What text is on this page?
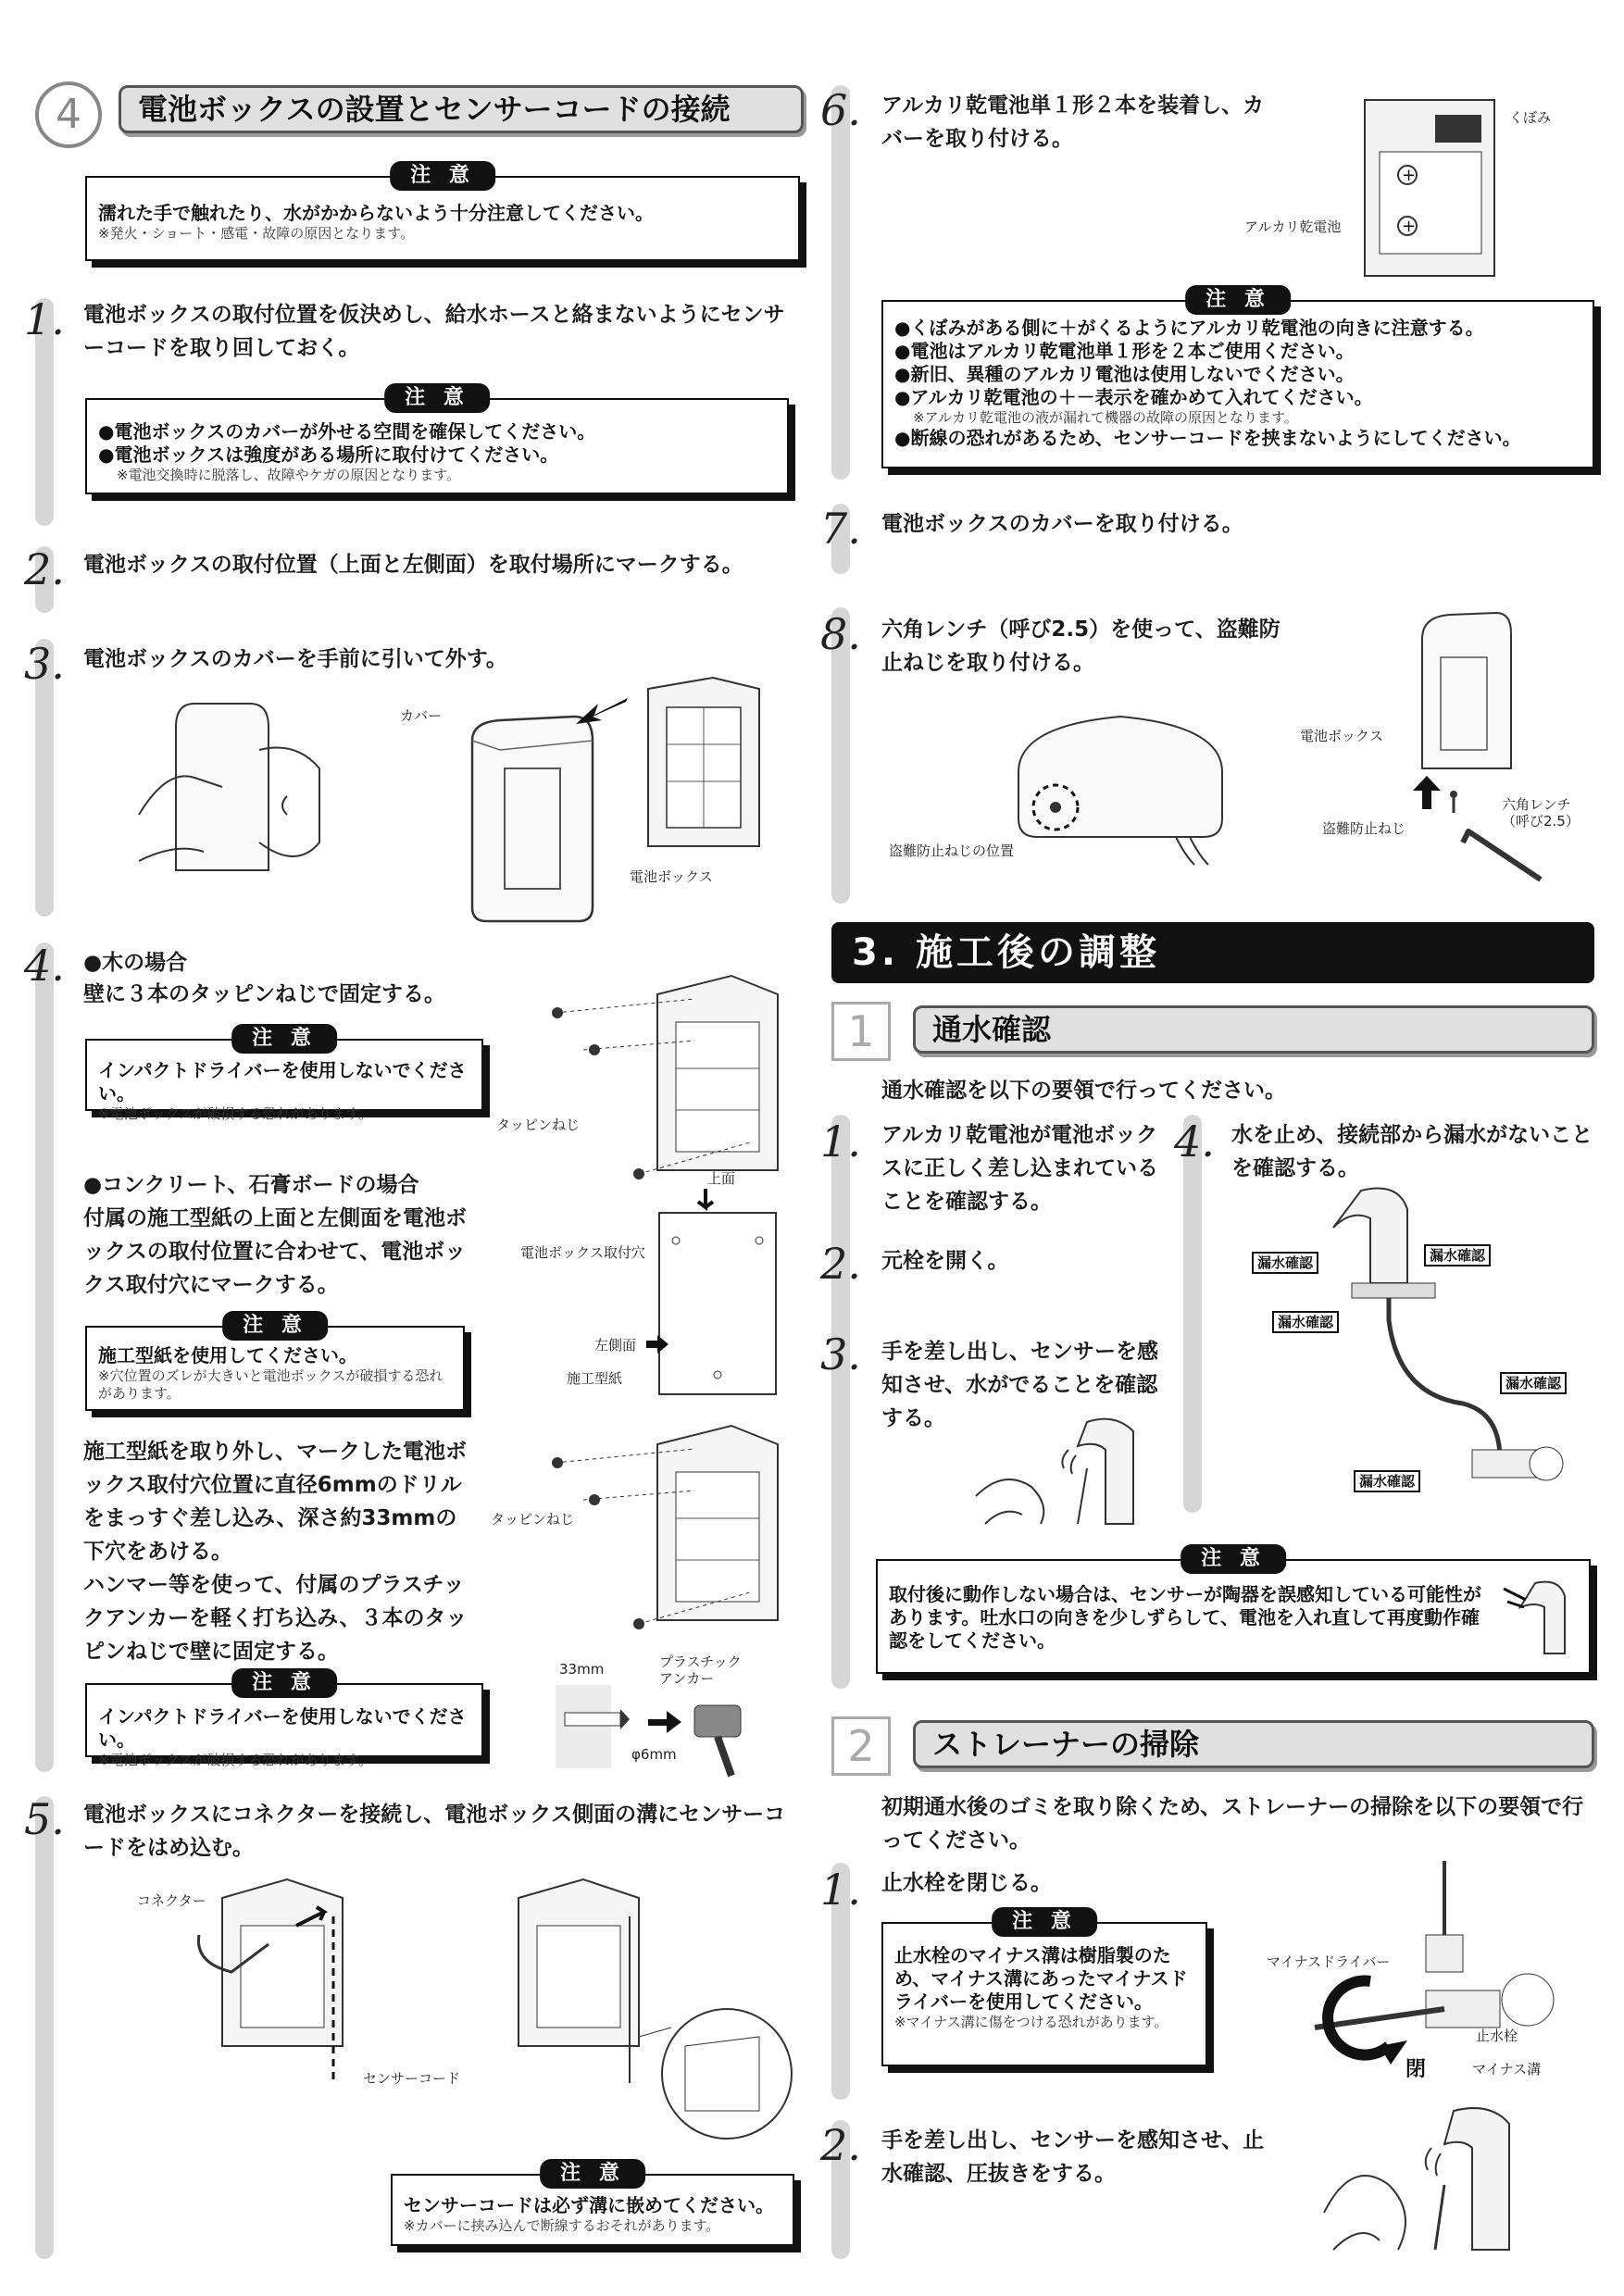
4	電池ボックスの設置とセンサーコードの接続
注 意
濡れた手で触れたり、水がかからないよう十分注意してください。
※発火・ショート・感電・故障の原因となります。
1. 電池ボックスの取付位置を仮決めし、給水ホースと絡まないようにセンサーコードを取り回しておく。
注 意
●電池ボックスのカバーが外せる空間を確保してください。
●電池ボックスは強度がある場所に取付けてください。
※電池交換時に脱落し、故障やケガの原因となります。
2. 電池ボックスの取付位置（上面と左側面）を取付場所にマークする。
3. 電池ボックスのカバーを手前に引いて外す。
カバー
電池ボックス
4. ●木の場合
壁に３本のタッピンねじで固定する。
注 意
インパクトドライバーを使用しないでください。
※電池ボックスが破損する恐れがあります。
タッピンねじ
●コンクリート、石膏ボードの場合
付属の施工型紙の上面と左側面を電池ボックスの取付位置に合わせて、電池ボックス取付穴にマークする。
上面
電池ボックス取付穴
左側面
施工型紙
注 意
施工型紙を使用してください。
※穴位置のズレが大きいと電池ボックスが破損する恐れがあります。
施工型紙を取り外し、マークした電池ボックス取付穴位置に直径6mmのドリルをまっすぐ差し込み、深さ約33mmの下穴をあける。
ハンマー等を使って、付属のプラスチックアンカーを軽く打ち込み、３本のタッピンねじで壁に固定する。
タッピンねじ
注 意
インパクトドライバーを使用しないでください。
※電池ボックスが破損する恐れがあります。
33mm	プラスチック
アンカー
φ6mm
5. 電池ボックスにコネクターを接続し、電池ボックス側面の溝にセンサーコードをはめ込む。
コネクター
センサーコード
注 意
センサーコードは必ず溝に嵌めてください。
※カバーに挟み込んで断線するおそれがあります。
6. アルカリ乾電池単１形２本を装着し、カバーを取り付ける。
+
+
くぼみ
アルカリ乾電池
注 意
●くぼみがある側に＋がくるようにアルカリ乾電池の向きに注意する。
●電池はアルカリ乾電池単１形を２本ご使用ください。
●新旧、異種のアルカリ電池は使用しないでください。
●アルカリ乾電池の＋－表示を確かめて入れてください。
※アルカリ乾電池の液が漏れて機器の故障の原因となります。
●断線の恐れがあるため、センサーコードを挟まないようにしてください。
7. 電池ボックスのカバーを取り付ける。
8. 六角レンチ（呼び2.5）を使って、盗難防止ねじを取り付ける。
盗難防止ねじの位置
電池ボックス
盗難防止ねじ
六角レンチ
（呼び2.5）
3. 施工後の調整
1	通水確認
通水確認を以下の要領で行ってください。
1. アルカリ乾電池が電池ボックスに正しく差し込まれていることを確認する。
2. 元栓を開く。
3. 手を差し出し、センサーを感知させ、水がでることを確認する。
4. 水を止め、接続部から漏水がないことを確認する。
漏水確認	漏水確認
漏水確認
漏水確認
漏水確認
注 意
取付後に動作しない場合は、センサーが陶器を誤感知している可能性があります。吐水口の向きを少しずらして、電池を入れ直して再度動作確認をしてください。
2	ストレーナーの掃除
初期通水後のゴミを取り除くため、ストレーナーの掃除を以下の要領で行ってください。
1. 止水栓を閉じる。
注 意
止水栓のマイナス溝は樹脂製のため、マイナス溝にあったマイナスドライバーを使用してください。
※マイナス溝に傷をつける恐れがあります。
マイナスドライバー
止水栓
マイナス溝
閉
2. 手を差し出し、センサーを感知させ、止水確認、圧抜きをする。
